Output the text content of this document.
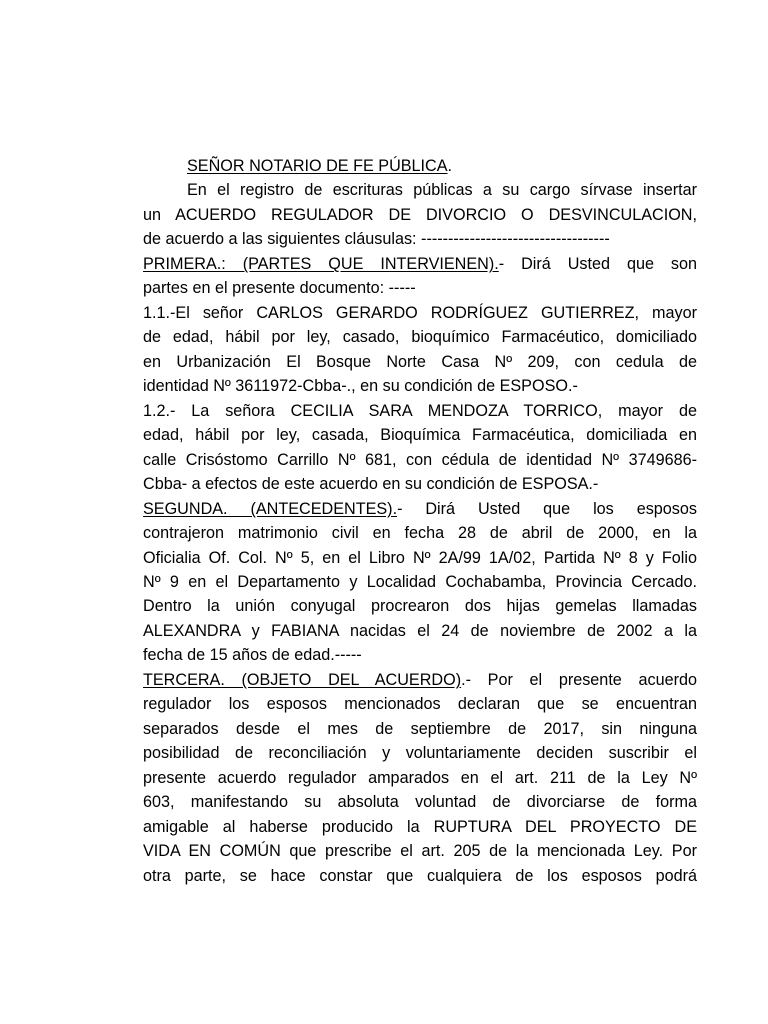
SEÑOR NOTARIO DE FE PÚBLICA.
En el registro de escrituras públicas a su cargo sírvase insertar
un ACUERDO REGULADOR DE DIVORCIO O DESVINCULACION,
de acuerdo a las siguientes cláusulas: -----------------------------------
PRIMERA.: (PARTES QUE INTERVIENEN).- Dirá Usted que son
partes en el presente documento: -----
1.1.-El señor CARLOS GERARDO RODRÍGUEZ GUTIERREZ, mayor
de edad, hábil por ley, casado, bioquímico Farmacéutico, domiciliado
en Urbanización El Bosque Norte Casa Nº 209, con cedula de
identidad Nº 3611972-Cbba-., en su condición de ESPOSO.-
1.2.- La señora CECILIA SARA MENDOZA TORRICO, mayor de
edad, hábil por ley, casada, Bioquímica Farmacéutica, domiciliada en
calle Crisóstomo Carrillo Nº 681, con cédula de identidad Nº 3749686-
Cbba- a efectos de este acuerdo en su condición de ESPOSA.-
SEGUNDA. (ANTECEDENTES).- Dirá Usted que los esposos
contrajeron matrimonio civil en fecha 28 de abril de 2000, en la
Oficialia Of. Col. Nº 5, en el Libro Nº 2A/99 1A/02, Partida Nº 8 y Folio
Nº 9 en el Departamento y Localidad Cochabamba, Provincia Cercado.
Dentro la unión conyugal procrearon dos hijas gemelas llamadas
ALEXANDRA y FABIANA nacidas el 24 de noviembre de 2002 a la
fecha de 15 años de edad.-----
TERCERA. (OBJETO DEL ACUERDO).- Por el presente acuerdo
regulador los esposos mencionados declaran que se encuentran
separados desde el mes de septiembre de 2017, sin ninguna
posibilidad de reconciliación y voluntariamente deciden suscribir el
presente acuerdo regulador amparados en el art. 211 de la Ley Nº
603, manifestando su absoluta voluntad de divorciarse de forma
amigable al haberse producido la RUPTURA DEL PROYECTO DE
VIDA EN COMÚN que prescribe el art. 205 de la mencionada Ley. Por
otra parte, se hace constar que cualquiera de los esposos podrá
